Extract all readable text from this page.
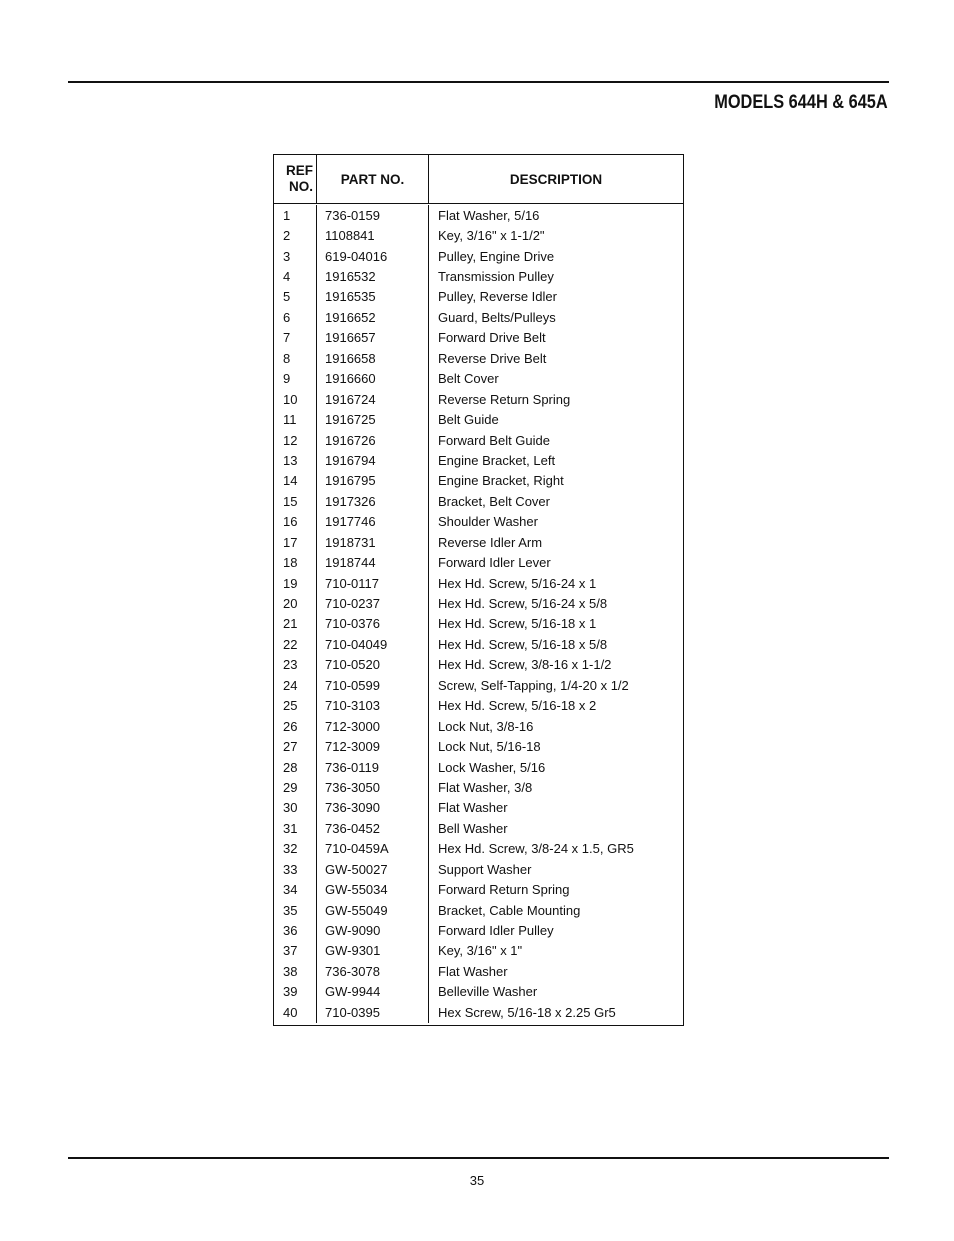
MODELS 644H & 645A
REF
NO.	PART NO.	DESCRIPTION
1	736-0159	Flat Washer, 5/16
2	1108841	Key, 3/16" x 1-1/2"
3	619-04016	Pulley, Engine Drive
4	1916532	Transmission Pulley
5	1916535	Pulley, Reverse Idler
6	1916652	Guard, Belts/Pulleys
7	1916657	Forward Drive Belt
8	1916658	Reverse Drive Belt
9	1916660	Belt Cover
10	1916724	Reverse Return Spring
11	1916725	Belt Guide
12	1916726	Forward Belt Guide
13	1916794	Engine Bracket, Left
14	1916795	Engine Bracket, Right
15	1917326	Bracket, Belt Cover
16	1917746	Shoulder Washer
17	1918731	Reverse Idler Arm
18	1918744	Forward Idler Lever
19	710-0117	Hex Hd. Screw, 5/16-24 x 1
20	710-0237	Hex Hd. Screw, 5/16-24 x 5/8
21	710-0376	Hex Hd. Screw, 5/16-18 x 1
22	710-04049	Hex Hd. Screw, 5/16-18 x 5/8
23	710-0520	Hex Hd. Screw, 3/8-16 x 1-1/2
24	710-0599	Screw, Self-Tapping, 1/4-20 x 1/2
25	710-3103	Hex Hd. Screw, 5/16-18 x 2
26	712-3000	Lock Nut, 3/8-16
27	712-3009	Lock Nut, 5/16-18
28	736-0119	Lock Washer, 5/16
29	736-3050	Flat Washer, 3/8
30	736-3090	Flat Washer
31	736-0452	Bell Washer
32	710-0459A	Hex Hd. Screw, 3/8-24 x 1.5, GR5
33	GW-50027	Support Washer
34	GW-55034	Forward Return Spring
35	GW-55049	Bracket, Cable Mounting
36	GW-9090	Forward Idler Pulley
37	GW-9301	Key, 3/16" x 1"
38	736-3078	Flat Washer
39	GW-9944	Belleville Washer
40	710-0395	Hex Screw, 5/16-18 x 2.25 Gr5
35
